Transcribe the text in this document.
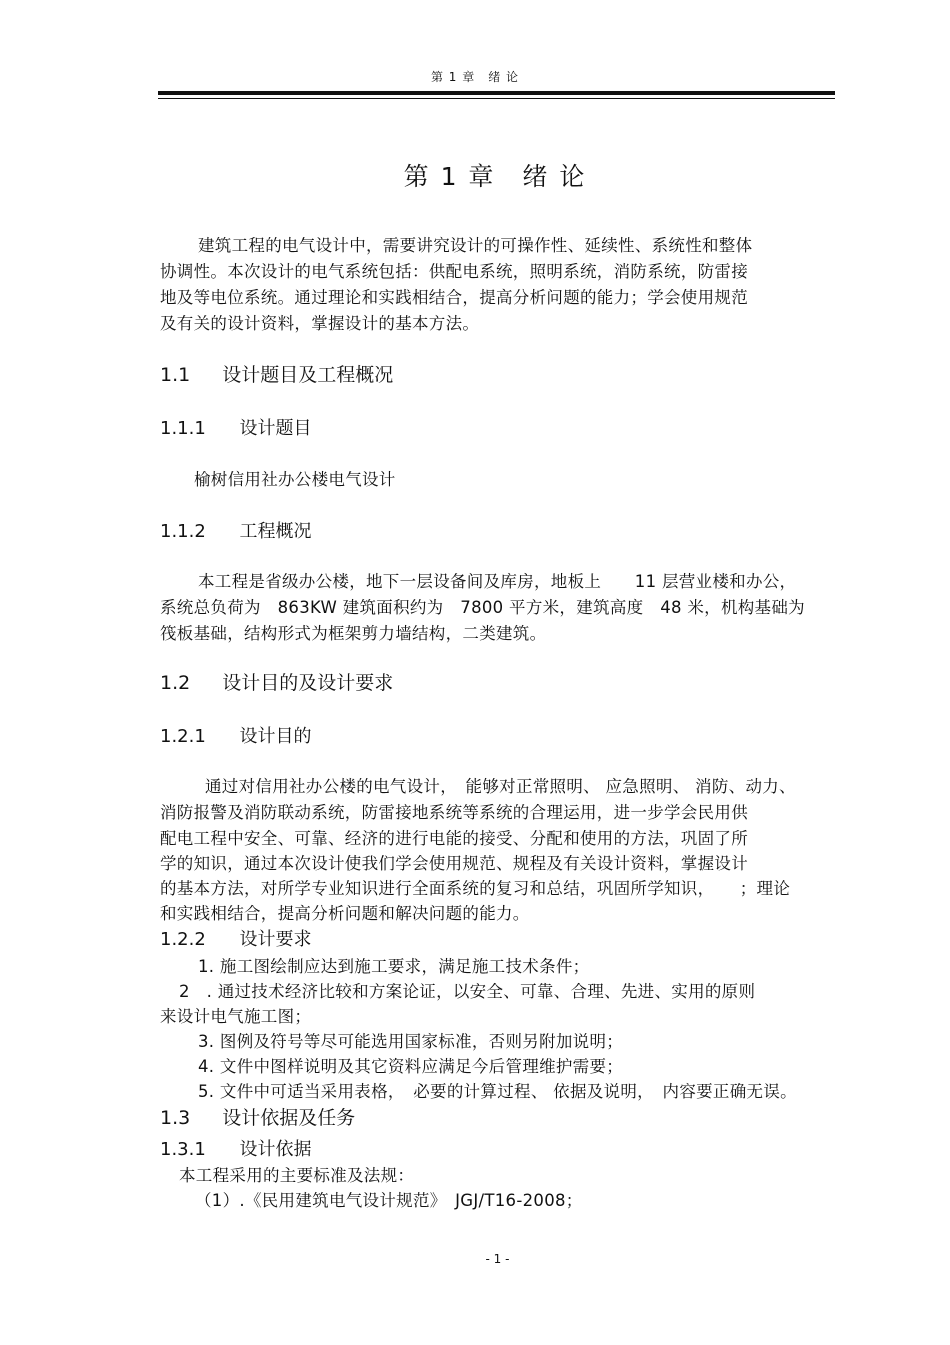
第 1 章　绪 论
第 1 章　绪 论
建筑工程的电气设计中，需要讲究设计的可操作性、延续性、系统性和整体
协调性。本次设计的电气系统包括：供配电系统，照明系统，消防系统，防雷接
地及等电位系统。通过理论和实践相结合，提高分析问题的能力；学会使用规范
及有关的设计资料，掌握设计的基本方法。
1.1 设计题目及工程概况
1.1.1 设计题目
榆树信用社办公楼电气设计
1.1.2 工程概况
本工程是省级办公楼，地下一层设备间及库房，地板上　　11 层营业楼和办公，
系统总负荷为　863KW 建筑面积约为　7800 平方米，建筑高度　48 米，机构基础为
筏板基础，结构形式为框架剪力墙结构，二类建筑。
1.2 设计目的及设计要求
1.2.1 设计目的
通过对信用社办公楼的电气设计，　能够对正常照明、 应急照明、 消防、动力、
消防报警及消防联动系统，防雷接地系统等系统的合理运用，进一步学会民用供
配电工程中安全、可靠、经济的进行电能的接受、分配和使用的方法，巩固了所
学的知识，通过本次设计使我们学会使用规范、规程及有关设计资料，掌握设计
的基本方法，对所学专业知识进行全面系统的复习和总结，巩固所学知识，　　；理论
和实践相结合，提高分析问题和解决问题的能力。
1.2.2 设计要求
1. 施工图绘制应达到施工要求，满足施工技术条件；
2　. 通过技术经济比较和方案论证，以安全、可靠、合理、先进、实用的原则
来设计电气施工图；
3. 图例及符号等尽可能选用国家标准，否则另附加说明；
4. 文件中图样说明及其它资料应满足今后管理维护需要；
5. 文件中可适当采用表格，　必要的计算过程、 依据及说明，　内容要正确无误。
1.3 设计依据及任务
1.3.1 设计依据
本工程采用的主要标准及法规：
（1）.《民用建筑电气设计规范》　JGJ/T16-2008；
- 1 -
